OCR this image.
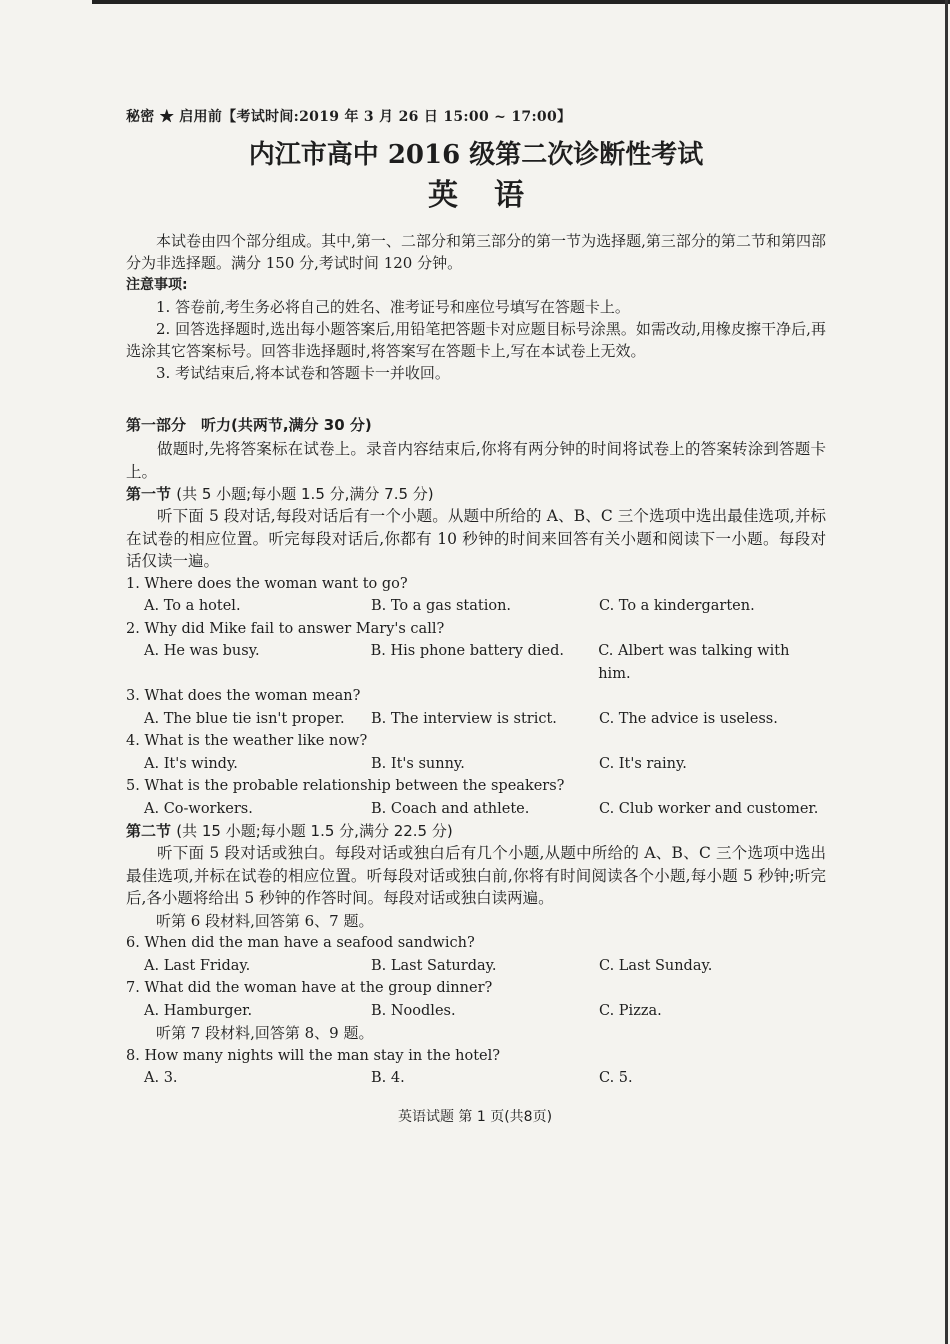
秘密 ★ 启用前【考试时间:2019 年 3 月 26 日 15:00 ~ 17:00】
内江市高中 2016 级第二次诊断性考试
英语
本试卷由四个部分组成。其中,第一、二部分和第三部分的第一节为选择题,第三部分的第二节和第四部分为非选择题。满分 150 分,考试时间 120 分钟。
注意事项:
1. 答卷前,考生务必将自己的姓名、准考证号和座位号填写在答题卡上。
2. 回答选择题时,选出每小题答案后,用铅笔把答题卡对应题目标号涂黑。如需改动,用橡皮擦干净后,再选涂其它答案标号。回答非选择题时,将答案写在答题卡上,写在本试卷上无效。
3. 考试结束后,将本试卷和答题卡一并收回。
第一部分　听力(共两节,满分 30 分)
做题时,先将答案标在试卷上。录音内容结束后,你将有两分钟的时间将试卷上的答案转涂到答题卡上。
第一节 (共 5 小题;每小题 1.5 分,满分 7.5 分)
听下面 5 段对话,每段对话后有一个小题。从题中所给的 A、B、C 三个选项中选出最佳选项,并标在试卷的相应位置。听完每段对话后,你都有 10 秒钟的时间来回答有关小题和阅读下一小题。每段对话仅读一遍。
1. Where does the woman want to go?
A. To a hotel.	B. To a gas station.	C. To a kindergarten.
2. Why did Mike fail to answer Mary's call?
A. He was busy.	B. His phone battery died.	C. Albert was talking with him.
3. What does the woman mean?
A. The blue tie isn't proper.	B. The interview is strict.	C. The advice is useless.
4. What is the weather like now?
A. It's windy.	B. It's sunny.	C. It's rainy.
5. What is the probable relationship between the speakers?
A. Co-workers.	B. Coach and athlete.	C. Club worker and customer.
第二节 (共 15 小题;每小题 1.5 分,满分 22.5 分)
听下面 5 段对话或独白。每段对话或独白后有几个小题,从题中所给的 A、B、C 三个选项中选出最佳选项,并标在试卷的相应位置。听每段对话或独白前,你将有时间阅读各个小题,每小题 5 秒钟;听完后,各小题将给出 5 秒钟的作答时间。每段对话或独白读两遍。
听第 6 段材料,回答第 6、7 题。
6. When did the man have a seafood sandwich?
A. Last Friday.	B. Last Saturday.	C. Last Sunday.
7. What did the woman have at the group dinner?
A. Hamburger.	B. Noodles.	C. Pizza.
听第 7 段材料,回答第 8、9 题。
8. How many nights will the man stay in the hotel?
A. 3.	B. 4.	C. 5.
英语试题 第 1 页(共8页)
